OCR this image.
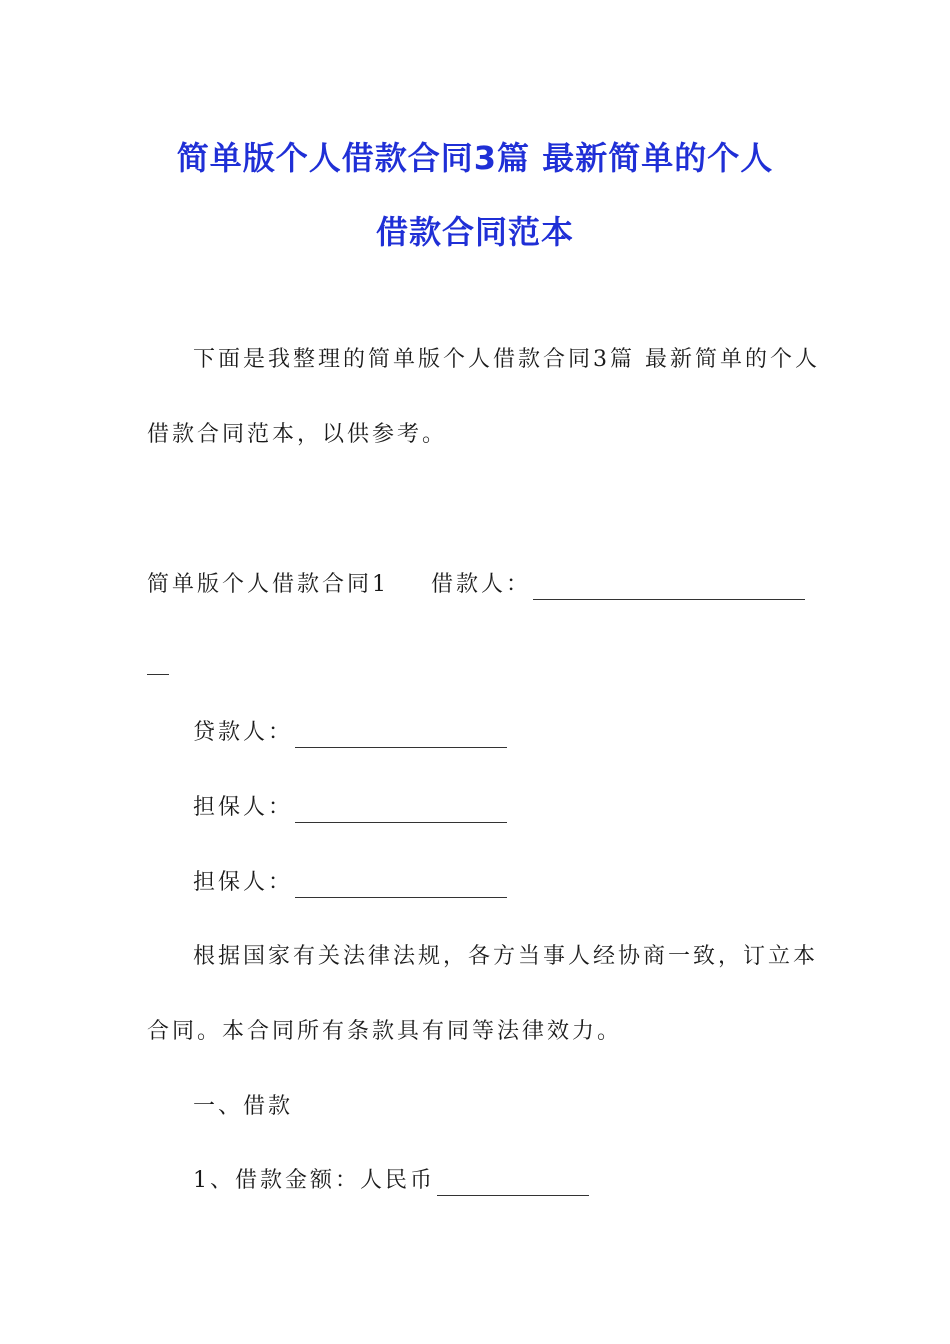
简单版个人借款合同3篇 最新简单的个人
借款合同范本
下面是我整理的简单版个人借款合同3篇 最新简单的个人
借款合同范本，以供参考。
简单版个人借款合同1 借款人：
贷款人：
担保人：
担保人：
根据国家有关法律法规，各方当事人经协商一致，订立本
合同。本合同所有条款具有同等法律效力。
一、借款
1、借款金额：人民币
